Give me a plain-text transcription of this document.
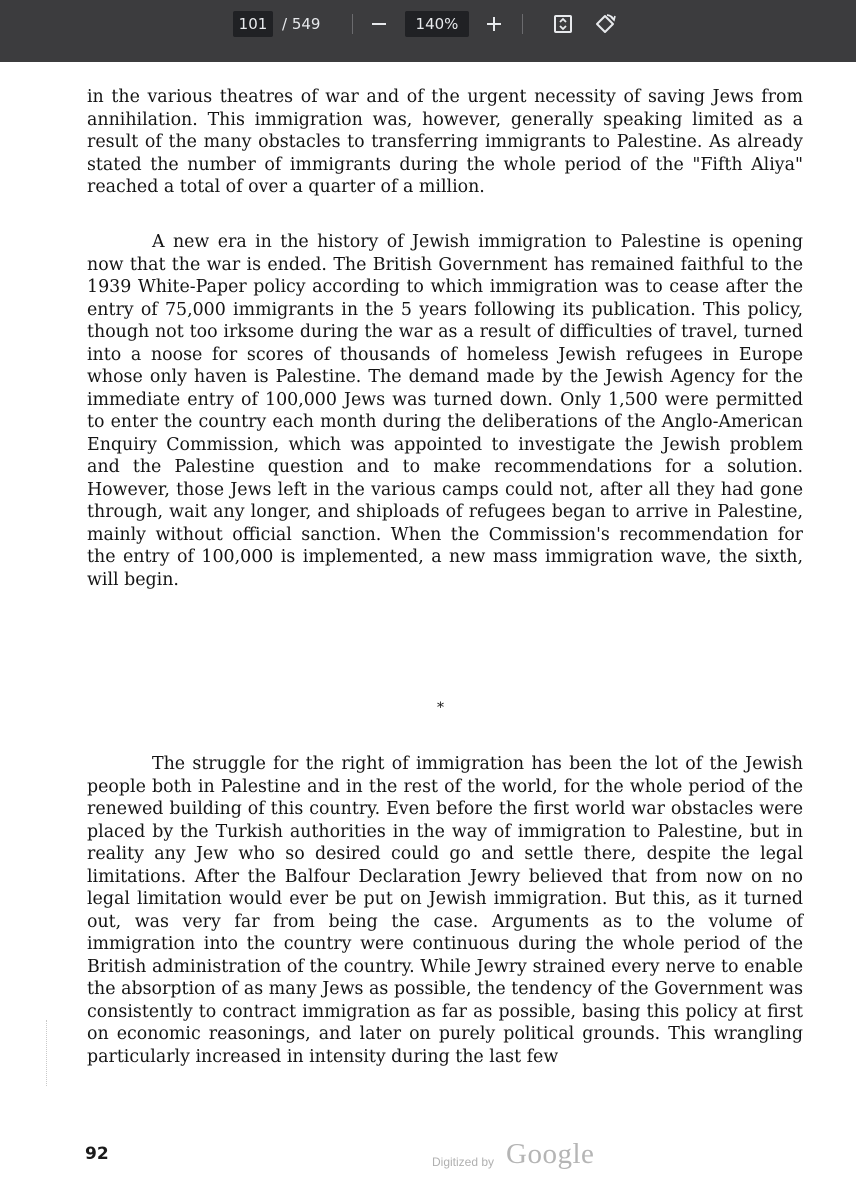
101 / 549	140%

in the various theatres of war and of the urgent necessity of saving Jews from annihilation. This immigration was, however, generally speaking limited as a result of the many obstacles to transferring immigrants to Palestine. As already stated the number of immigrants during the whole period of the "Fifth Aliya" reached a total of over a quarter of a million.

A new era in the history of Jewish immigration to Palestine is opening now that the war is ended. The British Government has remained faithful to the 1939 White-Paper policy according to which immigration was to cease after the entry of 75,000 immigrants in the 5 years following its publication. This policy, though not too irksome during the war as a result of difficulties of travel, turned into a noose for scores of thousands of homeless Jewish refugees in Europe whose only haven is Palestine. The demand made by the Jewish Agency for the immediate entry of 100,000 Jews was turned down. Only 1,500 were permitted to enter the country each month during the deliberations of the Anglo-American Enquiry Commission, which was appointed to investigate the Jewish problem and the Palestine question and to make recommendations for a solution. However, those Jews left in the various camps could not, after all they had gone through, wait any longer, and shiploads of refugees began to arrive in Palestine, mainly without official sanction. When the Commission's recommendation for the entry of 100,000 is implemented, a new mass immigration wave, the sixth, will begin.

*

The struggle for the right of immigration has been the lot of the Jewish people both in Palestine and in the rest of the world, for the whole period of the renewed building of this country. Even before the first world war obstacles were placed by the Turkish authorities in the way of immigration to Palestine, but in reality any Jew who so desired could go and settle there, despite the legal limitations. After the Balfour Declaration Jewry believed that from now on no legal limitation would ever be put on Jewish immigration. But this, as it turned out, was very far from being the case. Arguments as to the volume of immigration into the country were continuous during the whole period of the British administration of the country. While Jewry strained every nerve to enable the absorption of as many Jews as possible, the tendency of the Government was consistently to contract immigration as far as possible, basing this policy at first on economic reasonings, and later on purely political grounds. This wrangling particularly increased in intensity during the last few

92	Digitized by Google
